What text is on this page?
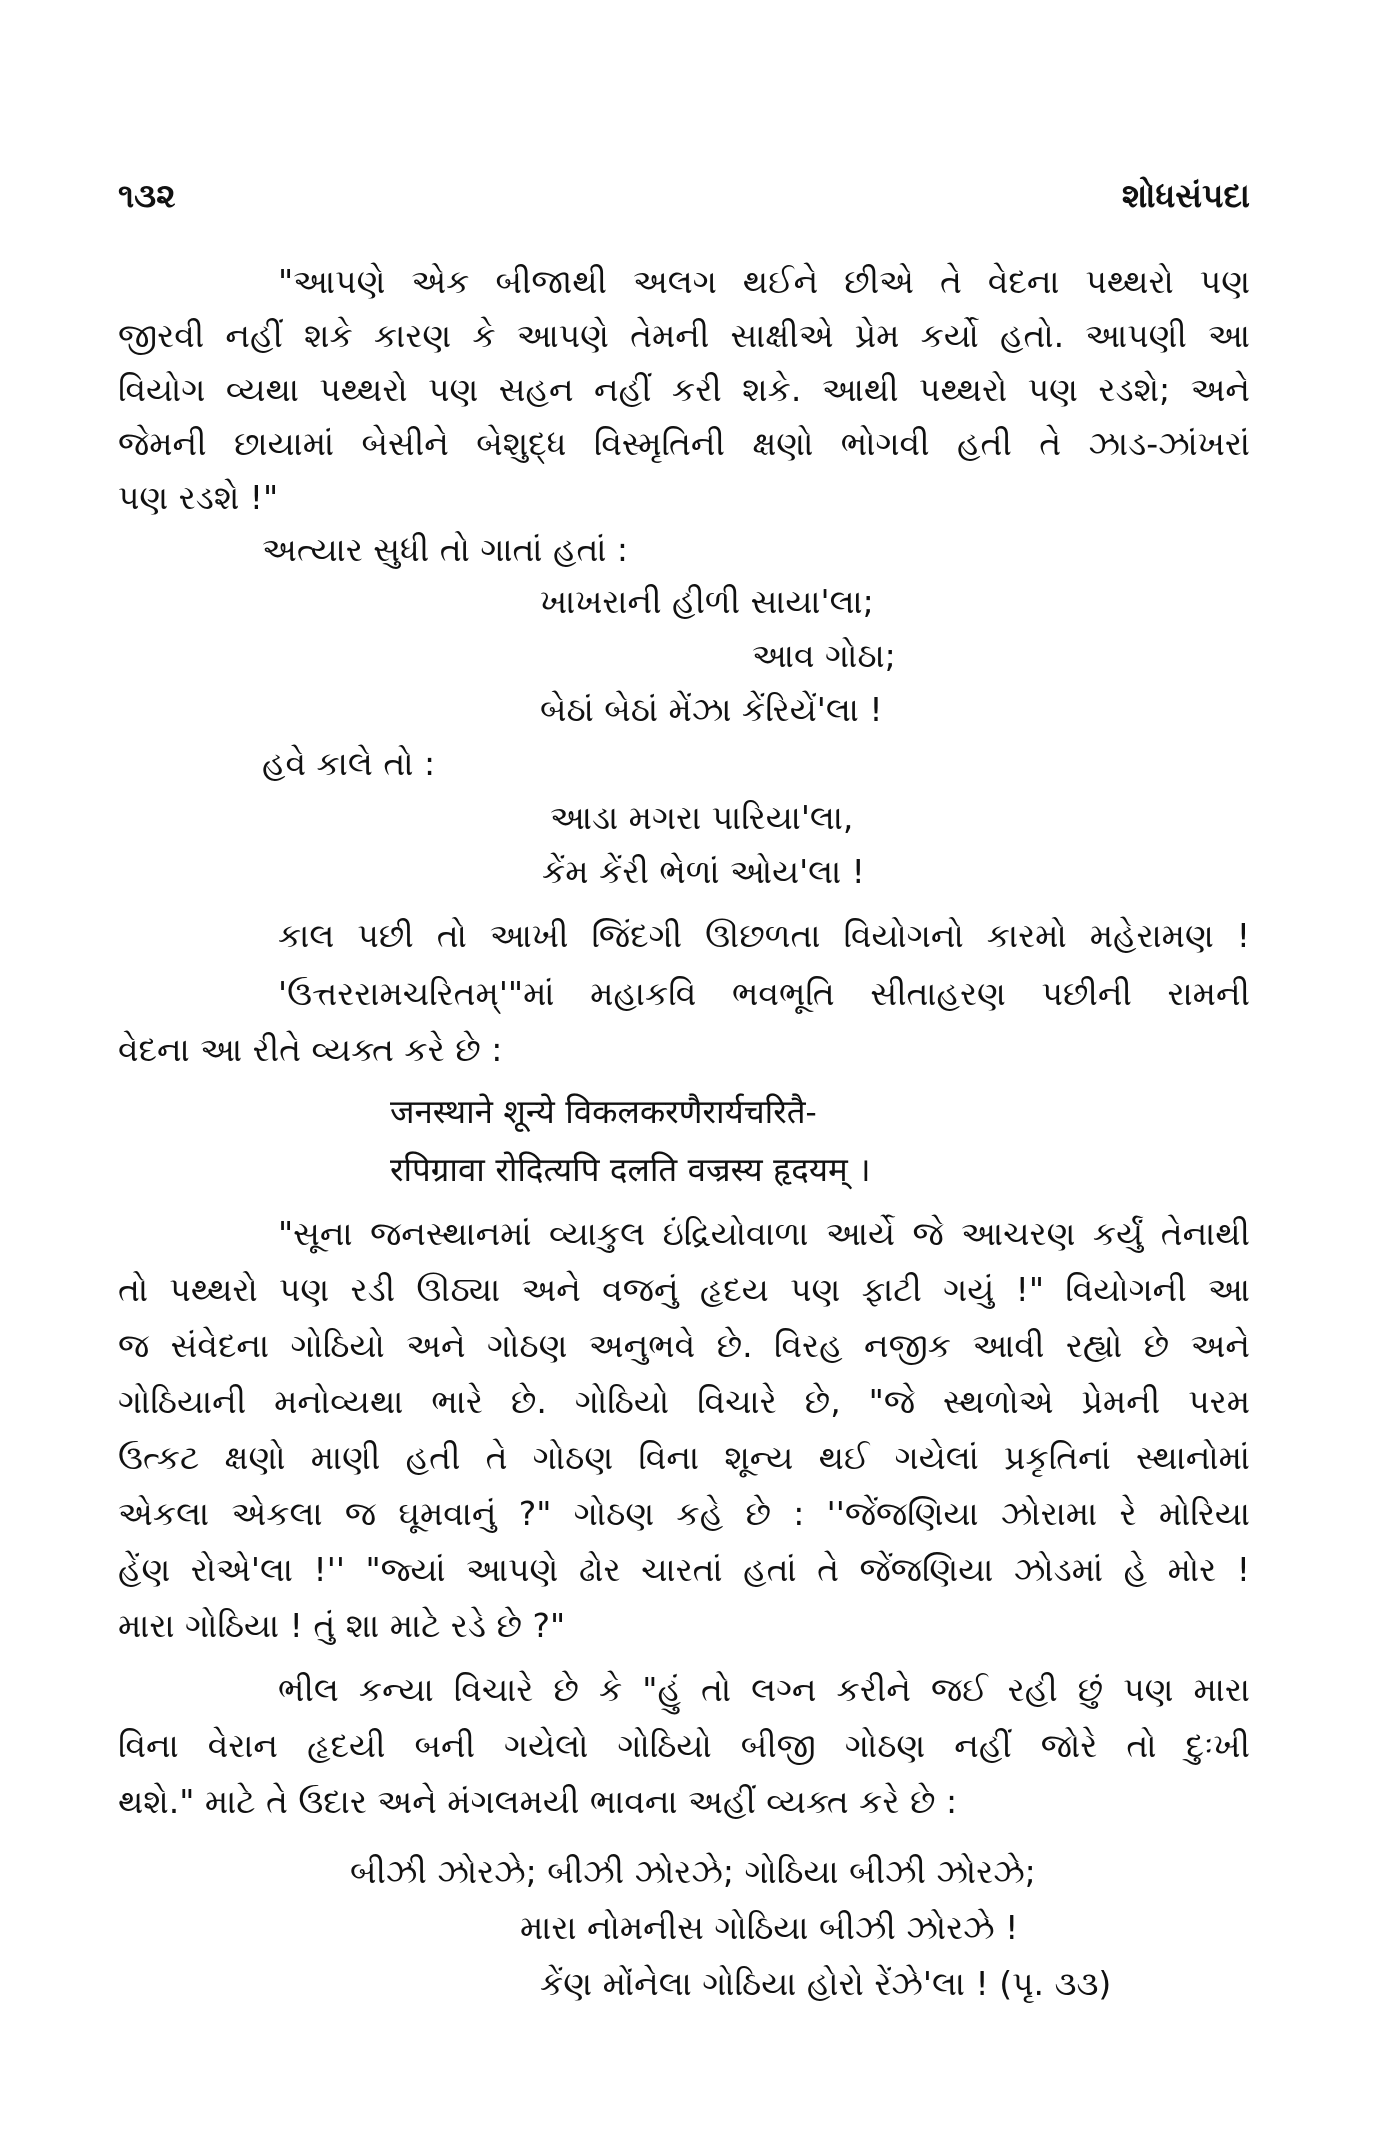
૧૩૨	શોધસંપદા
"આપણે એક બીજાથી અલગ થઈને છીએ તે વેદના પથ્થરો પણ
જીરવી નહીં શકે કારણ કે આપણે તેમની સાક્ષીએ પ્રેમ કર્યો હતો. આપણી આ
વિયોગ વ્યથા પથ્થરો પણ સહન નહીં કરી શકે. આથી પથ્થરો પણ રડશે; અને
જેમની છાયામાં બેસીને બેશુદ્ધ વિસ્મૃતિની ક્ષણો ભોગવી હતી તે ઝાડ-ઝાંખરાં
પણ રડશે !"
અત્યાર સુધી તો ગાતાં હતાં :
ખાખરાની હીળી સાયા'લા;
આવ ગોઠા;
બેઠાં બેઠાં મેંઝા કેંરિયેં'લા !
હવે કાલે તો :
આડા મગરા પારિયા'લા,
કેંમ કેંરી ભેળાં ઓય'લા !
કાલ પછી તો આખી જિંદગી ઊછળતા વિયોગનો કારમો મહેરામણ !
'ઉત્તરરામચરિતમ્'"માં મહાકવિ ભવભૂતિ સીતાહરણ પછીની રામની
વેદના આ રીતે વ્યક્ત કરે છે :
जनस्थाने शून्ये विकलकरणैरार्यचरितै-
रपिग्रावा रोदित्यपि दलति वज्रस्य हृदयम् ।
"સૂના જનસ્થાનમાં વ્યાકુલ ઇંદ્રિયોવાળા આર્યે જે આચરણ કર્યું તેનાથી
તો પથ્થરો પણ રડી ઊઠ્યા અને વજનું હૃદય પણ ફાટી ગયું !" વિયોગની આ
જ સંવેદના ગોઠિયો અને ગોઠણ અનુભવે છે. વિરહ નજીક આવી રહ્યો છે અને
ગોઠિયાની મનોવ્યથા ભારે છે. ગોઠિયો વિચારે છે, "જે સ્થળોએ પ્રેમની પરમ
ઉત્કટ ક્ષણો માણી હતી તે ગોઠણ વિના શૂન્ય થઈ ગયેલાં પ્રકૃતિનાં સ્થાનોમાં
એકલા એકલા જ ઘૂમવાનું ?" ગોઠણ કહે છે : ''જેંજણિયા ઝોરામા રે મોરિયા
હેંણ રોએ'લા !'' "જ્યાં આપણે ઢોર ચારતાં હતાં તે જેંજણિયા ઝોડમાં હે મોર !
મારા ગોઠિયા ! તું શા માટે રડે છે ?"
ભીલ કન્યા વિચારે છે કે "હું તો લગ્ન કરીને જઈ રહી છું પણ મારા
વિના વેરાન હૃદયી બની ગયેલો ગોઠિયો બીજી ગોઠણ નહીં જોરે તો દુઃખી
થશે." માટે તે ઉદાર અને મંગલમયી ભાવના અહીં વ્યક્ત કરે છે :
બીઝી ઝોરઝે; બીઝી ઝોરઝે; ગોઠિયા બીઝી ઝોરઝે;
મારા નોમનીસ ગોઠિયા બીઝી ઝોરઝે !
કેંણ મોંનેલા ગોઠિયા હોરો રેંઝે'લા ! (પૃ. ૩૩)
